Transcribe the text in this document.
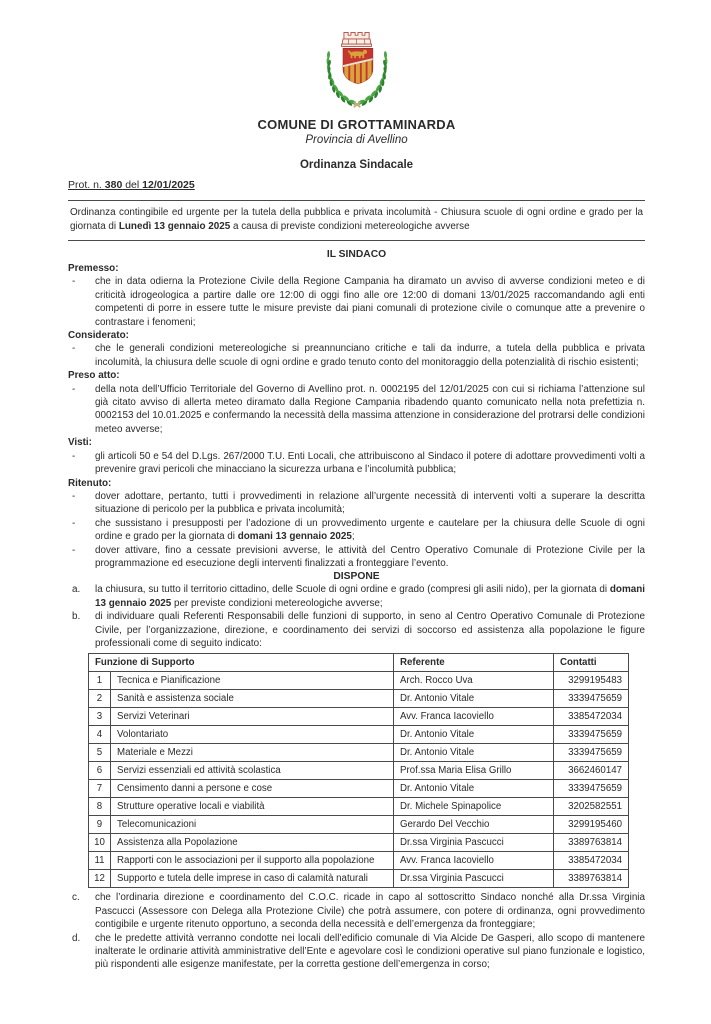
COMUNE DI GROTTAMINARDA
Provincia di Avellino
Ordinanza Sindacale
Prot. n. 380 del 12/01/2025
Ordinanza contingibile ed urgente per la tutela della pubblica e privata incolumità - Chiusura scuole di ogni ordine e grado per la giornata di Lunedì 13 gennaio 2025 a causa di previste condizioni metereologiche avverse
IL SINDACO
Premesso:
-	che in data odierna la Protezione Civile della Regione Campania ha diramato un avviso di avverse condizioni meteo e di criticità idrogeologica a partire dalle ore 12:00 di oggi fino alle ore 12:00 di domani 13/01/2025 raccomandando agli enti competenti di porre in essere tutte le misure previste dai piani comunali di protezione civile o comunque atte a prevenire o contrastare i fenomeni;
Considerato:
-	che le generali condizioni metereologiche si preannunciano critiche e tali da indurre, a tutela della pubblica e privata incolumità, la chiusura delle scuole di ogni ordine e grado tenuto conto del monitoraggio della potenzialità di rischio esistenti;
Preso atto:
-	della nota dell’Ufficio Territoriale del Governo di Avellino prot. n. 0002195 del 12/01/2025 con cui si richiama l’attenzione sul già citato avviso di allerta meteo diramato dalla Regione Campania ribadendo quanto comunicato nella nota prefettizia n. 0002153 del 10.01.2025 e confermando la necessità della massima attenzione in considerazione del protrarsi delle condizioni meteo avverse;
Visti:
-	gli articoli 50 e 54 del D.Lgs. 267/2000 T.U. Enti Locali, che attribuiscono al Sindaco il potere di adottare provvedimenti volti a prevenire gravi pericoli che minacciano la sicurezza urbana e l’incolumità pubblica;
Ritenuto:
-	dover adottare, pertanto, tutti i provvedimenti in relazione all’urgente necessità di interventi volti a superare la descritta situazione di pericolo per la pubblica e privata incolumità;
-	che sussistano i presupposti per l’adozione di un provvedimento urgente e cautelare per la chiusura delle Scuole di ogni ordine e grado per la giornata di domani 13 gennaio 2025;
-	dover attivare, fino a cessate previsioni avverse, le attività del Centro Operativo Comunale di Protezione Civile per la programmazione ed esecuzione degli interventi finalizzati a fronteggiare l’evento.
DISPONE
a.	la chiusura, su tutto il territorio cittadino, delle Scuole di ogni ordine e grado (compresi gli asili nido), per la giornata di domani 13 gennaio 2025 per previste condizioni metereologiche avverse;
b.	di individuare quali Referenti Responsabili delle funzioni di supporto, in seno al Centro Operativo Comunale di Protezione Civile, per l’organizzazione, direzione, e coordinamento dei servizi di soccorso ed assistenza alla popolazione le figure professionali come di seguito indicato:
Funzione di Supporto		Referente	Contatti
1	Tecnica e Pianificazione	Arch. Rocco Uva	3299195483
2	Sanità e assistenza sociale	Dr. Antonio Vitale	3339475659
3	Servizi Veterinari	Avv. Franca Iacoviello	3385472034
4	Volontariato	Dr. Antonio Vitale	3339475659
5	Materiale e Mezzi	Dr. Antonio Vitale	3339475659
6	Servizi essenziali ed attività scolastica	Prof.ssa Maria Elisa Grillo	3662460147
7	Censimento danni a persone e cose	Dr. Antonio Vitale	3339475659
8	Strutture operative locali e viabilità	Dr. Michele Spinapolice	3202582551
9	Telecomunicazioni	Gerardo Del Vecchio	3299195460
10	Assistenza alla Popolazione	Dr.ssa Virginia Pascucci	3389763814
11	Rapporti con le associazioni per il supporto alla popolazione	Avv. Franca Iacoviello	3385472034
12	Supporto e tutela delle imprese in caso di calamità naturali	Dr.ssa Virginia Pascucci	3389763814
c.	che l’ordinaria direzione e coordinamento del C.O.C. ricade in capo al sottoscritto Sindaco nonché alla Dr.ssa Virginia Pascucci (Assessore con Delega alla Protezione Civile) che potrà assumere, con potere di ordinanza, ogni provvedimento contigibile e urgente ritenuto opportuno, a seconda della necessità e dell’emergenza da fronteggiare;
d.	che le predette attività verranno condotte nei locali dell’edificio comunale di Via Alcide De Gasperi, allo scopo di mantenere inalterate le ordinarie attività amministrative dell’Ente e agevolare così le condizioni operative sul piano funzionale e logistico, più rispondenti alle esigenze manifestate, per la corretta gestione dell’emergenza in corso;
